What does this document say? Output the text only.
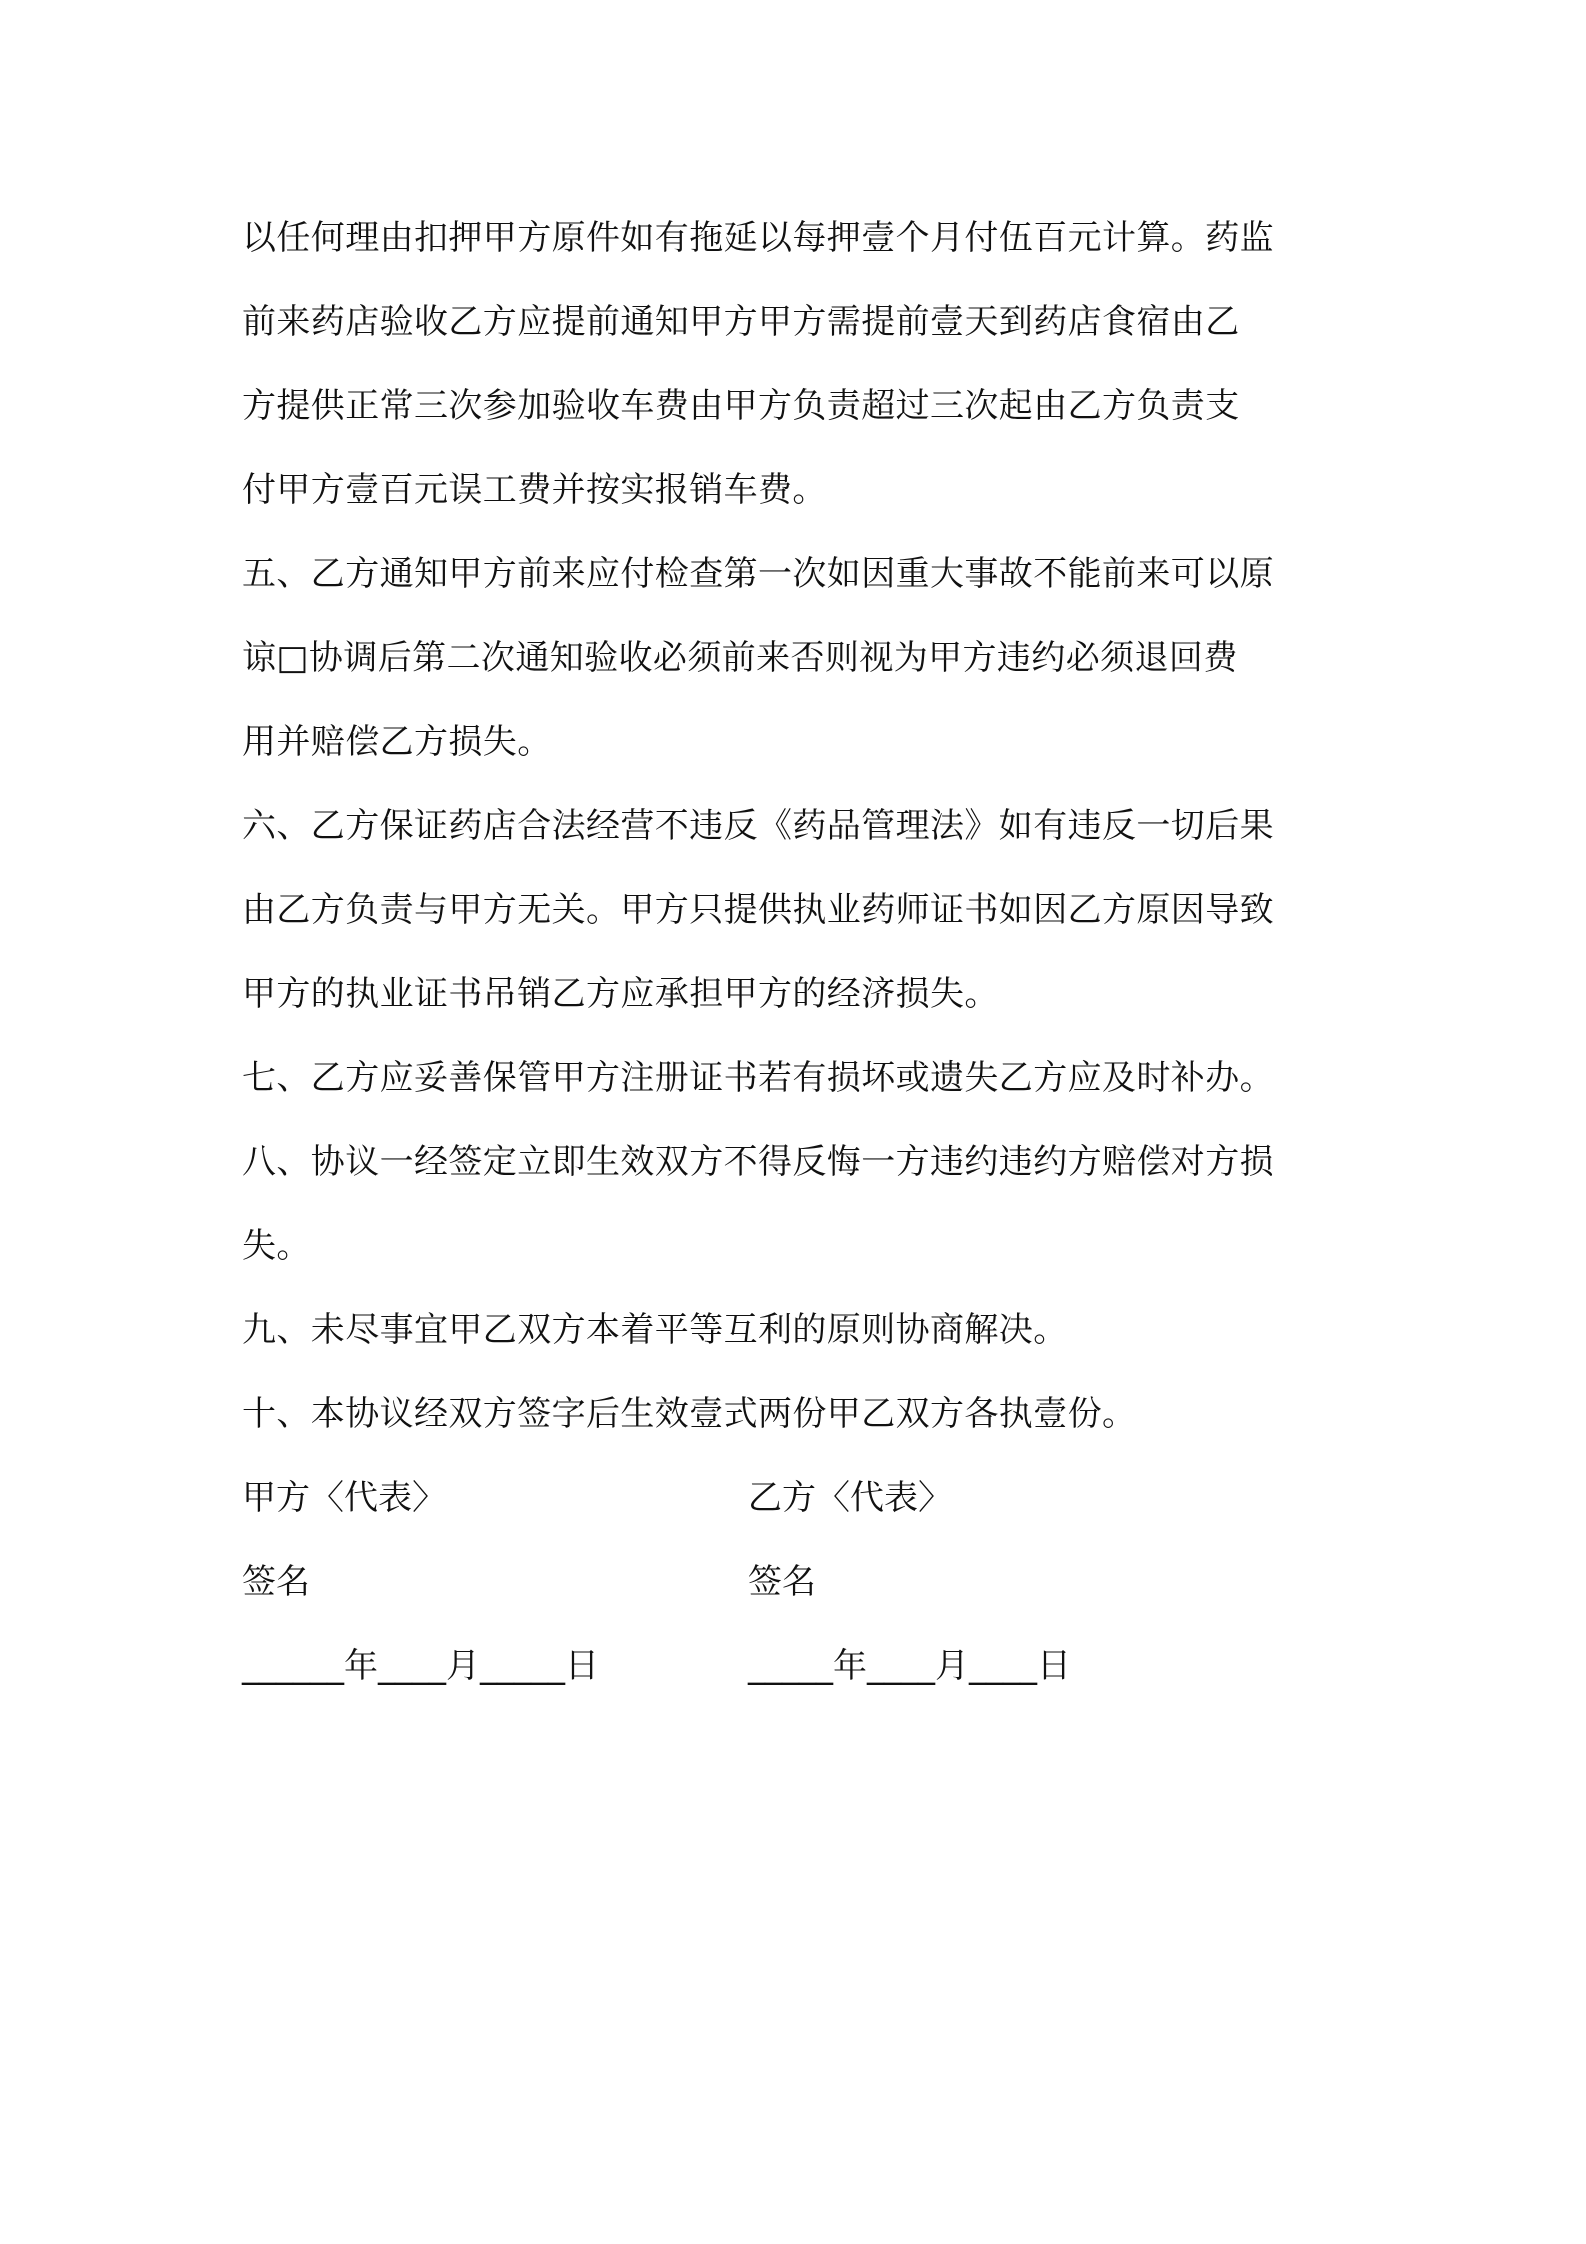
以任何理由扣押甲方原件如有拖延以每押壹个月付伍百元计算。药监
前来药店验收乙方应提前通知甲方甲方需提前壹天到药店食宿由乙
方提供正常三次参加验收车费由甲方负责超过三次起由乙方负责支
付甲方壹百元误工费并按实报销车费。
五、乙方通知甲方前来应付检查第一次如因重大事故不能前来可以原
谅□协调后第二次通知验收必须前来否则视为甲方违约必须退回费
用并赔偿乙方损失。
六、乙方保证药店合法经营不违反《药品管理法》如有违反一切后果
由乙方负责与甲方无关。甲方只提供执业药师证书如因乙方原因导致
甲方的执业证书吊销乙方应承担甲方的经济损失。
七、乙方应妥善保管甲方注册证书若有损坏或遗失乙方应及时补办。
八、协议一经签定立即生效双方不得反悔一方违约违约方赔偿对方损
失。
九、未尽事宜甲乙双方本着平等互利的原则协商解决。
十、本协议经双方签字后生效壹式两份甲乙双方各执壹份。
甲方〈代表〉	乙方〈代表〉
签名	签名
______年____月_____日	_____年____月____日
